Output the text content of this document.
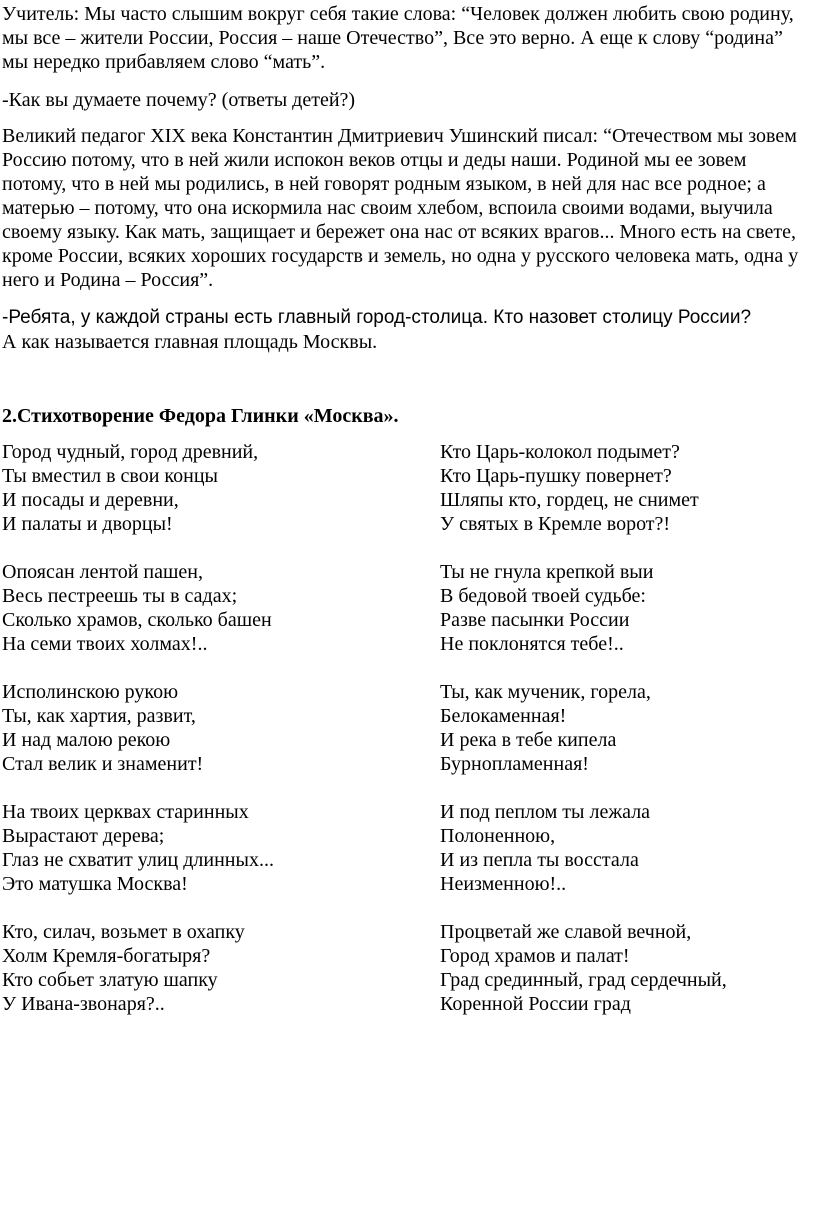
Учитель: Мы часто слышим вокруг себя такие слова: “Человек должен любить свою родину, мы все – жители России, Россия – наше Отечество”, Все это верно. А еще к слову “родина” мы нередко прибавляем слово “мать”.

-Как вы думаете почему? (ответы детей?)

Великий педагог XIX века Константин Дмитриевич Ушинский писал: “Отечеством мы зовем Россию потому, что в ней жили испокон веков отцы и деды наши. Родиной мы ее зовем потому, что в ней мы родились, в ней говорят родным языком, в ней для нас все родное; а матерью – потому, что она искормила нас своим хлебом, вспоила своими водами, выучила своему языку. Как мать, защищает и бережет она нас от всяких врагов... Много есть на свете, кроме России, всяких хороших государств и земель, но одна у русского человека мать, одна у него и Родина – Россия”.

-Ребята, у каждой страны есть главный город-столица. Кто назовет столицу России?

А как называется главная площадь Москвы.

2.Стихотворение Федора Глинки «Москва».

Город чудный, город древний,
Ты вместил в свои концы
И посады и деревни,
И палаты и дворцы!
Опоясан лентой пашен,
Весь пестреешь ты в садах;
Сколько храмов, сколько башен
На семи твоих холмах!..
Исполинскою рукою
Ты, как хартия, развит,
И над малою рекою
Стал велик и знаменит!
На твоих церквах старинных
Вырастают дерева;
Глаз не схватит улиц длинных...
Это матушка Москва!
Кто, силач, возьмет в охапку
Холм Кремля-богатыря?
Кто собьет златую шапку
У Ивана-звонаря?..
Кто Царь-колокол подымет?
Кто Царь-пушку повернет?
Шляпы кто, гордец, не снимет
У святых в Кремле ворот?!
Ты не гнула крепкой выи
В бедовой твоей судьбе:
Разве пасынки России
Не поклонятся тебе!..
Ты, как мученик, горела,
Белокаменная!
И река в тебе кипела
Бурнопламенная!
И под пеплом ты лежала
Полоненною,
И из пепла ты восстала
Неизменною!..
Процветай же славой вечной,
Город храмов и палат!
Град срединный, град сердечный,
Коренной России град
